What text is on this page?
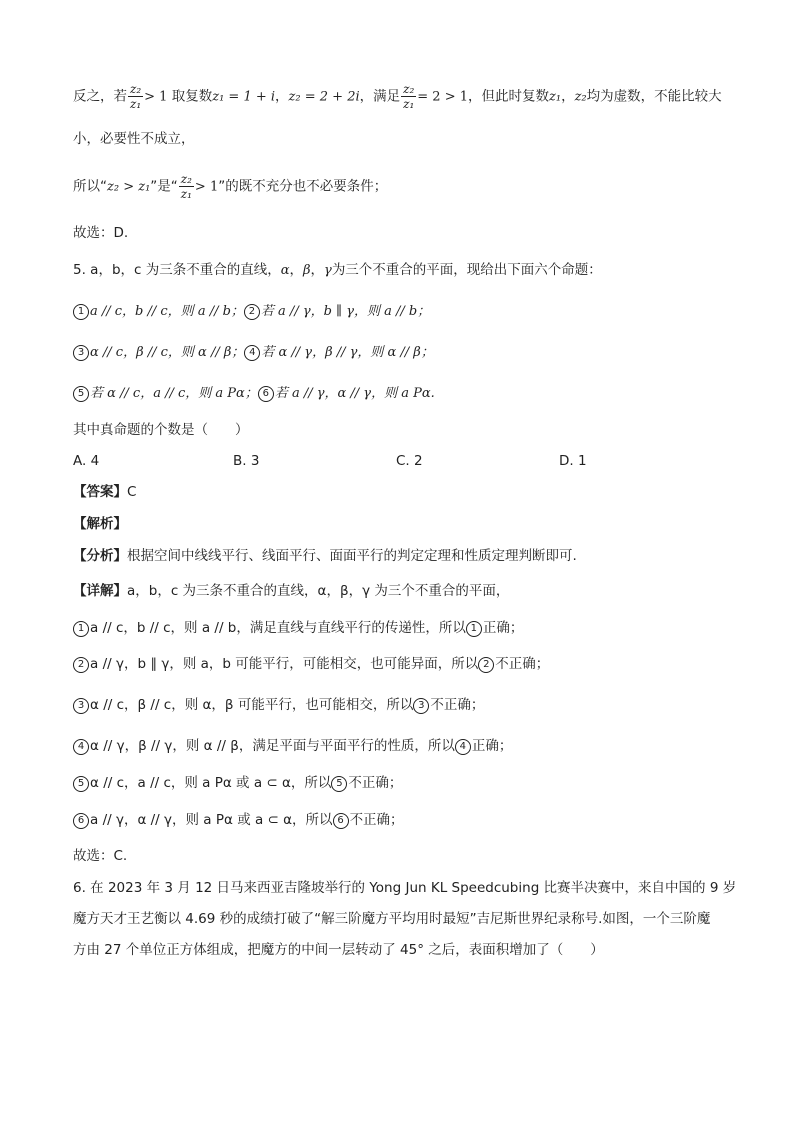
反之，若 $\frac{\text{z₂}}{\text{z₁}} > 1$ 取复数z₁ = 1 + i，z₂ = 2 + 2i，满足 $\frac{\text{z₂}}{\text{z₁}} = 2 > 1$，但此时复数z₁，z₂均为虚数，不能比较大
小，必要性不成立，
所以“z₂ > z₁”是“ $\frac{\text{z₂}}{\text{z₁}} > 1$”的既不充分也不必要条件；
故选：D.
5. a，b，c 为三条不重合的直线，α，β，γ为三个不重合的平面，现给出下面六个命题：
1 a // c，b // c，则 a // b； 2 若 a // γ，b ∥ γ，则 a // b；
3 α // c，β // c，则 α // β； 4 若 α // γ，β // γ，则 α // β；
5 若 α // c，a // c，则 a Pα； 6 若 a // γ，α // γ，则 a Pα.
其中真命题的个数是（　　）
A. 4	B. 3	C. 2	D. 1
【答案】C
【解析】
【分析】根据空间中线线平行、线面平行、面面平行的判定定理和性质定理判断即可.
【详解】a，b，c 为三条不重合的直线，α，β，γ 为三个不重合的平面，
1 a // c，b // c，则 a // b，满足直线与直线平行的传递性，所以 1 正确；
2 a // γ，b ∥ γ，则 a，b 可能平行，可能相交，也可能异面，所以 2 不正确；
3 α // c，β // c，则 α，β 可能平行，也可能相交，所以 3 不正确；
4 α // γ，β // γ，则 α // β，满足平面与平面平行的性质，所以 4 正确；
5 α // c，a // c，则 a Pα 或 a ⊂ α，所以 5 不正确；
6 a // γ，α // γ，则 a Pα 或 a ⊂ α，所以 6 不正确；
故选：C.
6. 在 2023 年 3 月 12 日马来西亚吉隆坡举行的 Yong Jun KL Speedcubing 比赛半决赛中，来自中国的 9 岁
魔方天才王艺衡以 4.69 秒的成绩打破了“解三阶魔方平均用时最短”吉尼斯世界纪录称号.如图，一个三阶魔
方由 27 个单位正方体组成，把魔方的中间一层转动了 45° 之后，表面积增加了（　　）
